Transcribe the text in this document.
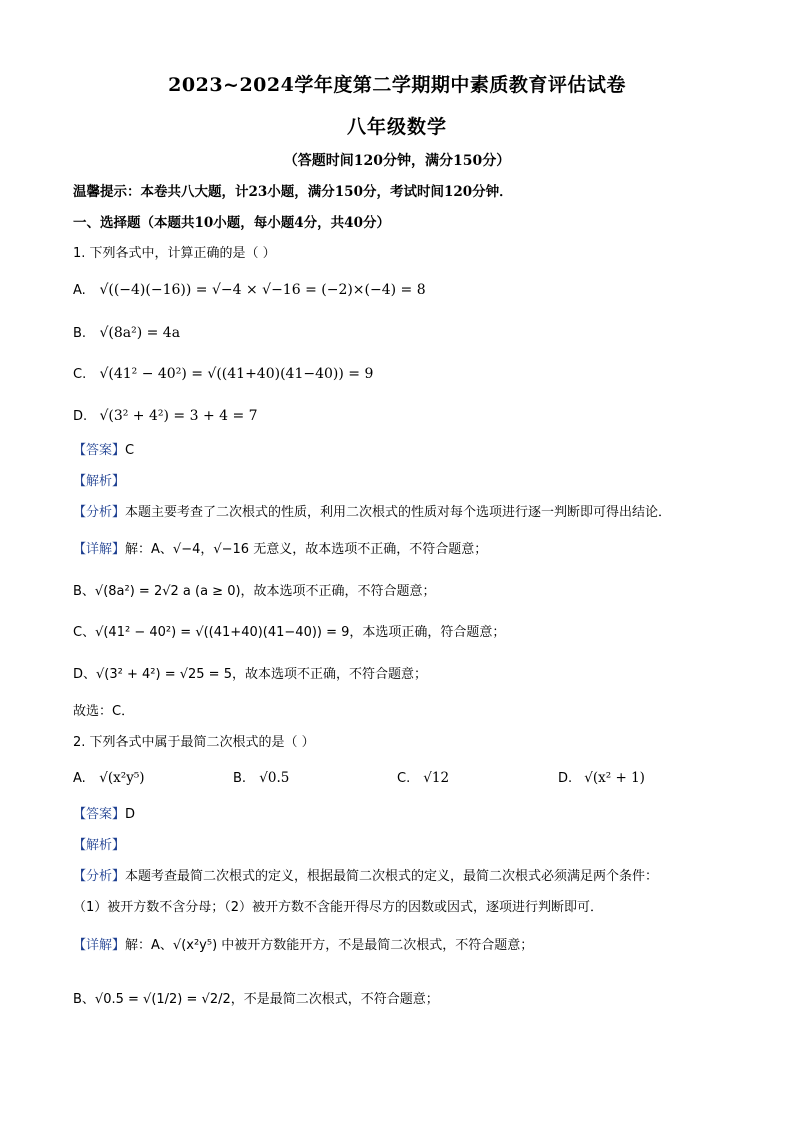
2023~2024学年度第二学期期中素质教育评估试卷
八年级数学
（答题时间120分钟，满分150分）
温馨提示：本卷共八大题，计23小题，满分150分，考试时间120分钟．
一、选择题（本题共10小题，每小题4分，共40分）
1. 下列各式中，计算正确的是（ ）
A. √((−4)(−16)) = √−4 × √−16 = (−2)×(−4) = 8
B. √(8a²) = 4a
C. √(41² − 40²) = √((41+40)(41−40)) = 9
D. √(3² + 4²) = 3 + 4 = 7
【答案】C
【解析】
【分析】本题主要考查了二次根式的性质，利用二次根式的性质对每个选项进行逐一判断即可得出结论．
【详解】解：A、√−4，√−16 无意义，故本选项不正确，不符合题意；
B、√(8a²) = 2√2 a (a ≥ 0)，故本选项不正确，不符合题意；
C、√(41² − 40²) = √((41+40)(41−40)) = 9，本选项正确，符合题意；
D、√(3² + 4²) = √25 = 5，故本选项不正确，不符合题意；
故选：C．
2. 下列各式中属于最简二次根式的是（ ）
A. √(x²y⁵)	B. √0.5	C. √12	D. √(x² + 1)
【答案】D
【解析】
【分析】本题考查最简二次根式的定义，根据最简二次根式的定义，最简二次根式必须满足两个条件：
（1）被开方数不含分母；（2）被开方数不含能开得尽方的因数或因式，逐项进行判断即可．
【详解】解：A、√(x²y⁵) 中被开方数能开方，不是最简二次根式，不符合题意；
B、√0.5 = √(1/2) = √2/2，不是最简二次根式，不符合题意；
